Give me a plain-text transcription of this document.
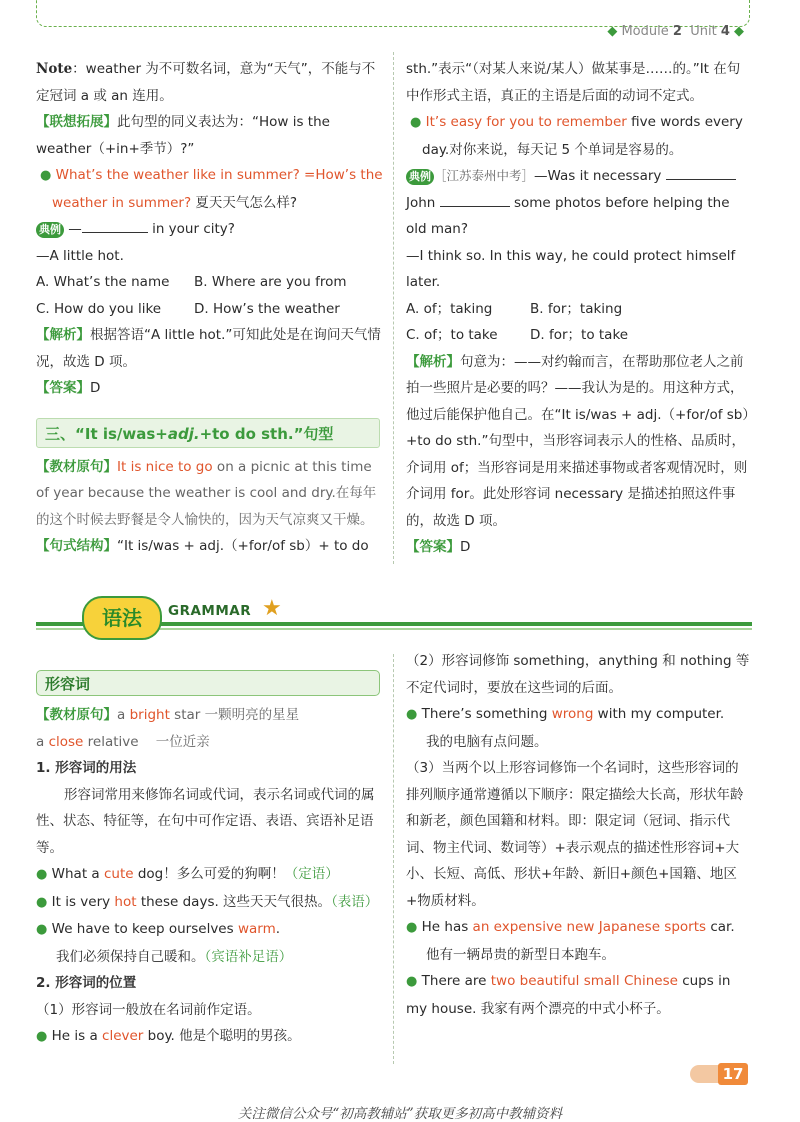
◆ Module 2 Unit 4 ◆

Note：weather 为不可数名词，意为“天气”，不能与不定冠词 a 或 an 连用。

【联想拓展】此句型的同义表达为：“How is the weather（+in+季节）?”

● What’s the weather like in summer? =How’s the weather in summer? 夏天天气怎么样?

典例 —	in your city?

—A little hot.

A. What’s the name B. Where are you from

C. How do you like D. How’s the weather

【解析】根据答语“A little hot.”可知此处是在询问天气情况，故选 D 项。

【答案】D

三、“It is/was+adj.+to do sth.”句型

【教材原句】It is nice to go on a picnic at this time of year because the weather is cool and dry.在每年的这个时候去野餐是令人愉快的，因为天气凉爽又干燥。

【句式结构】“It is/was + adj.（+for/of sb）+ to do

sth.”表示“（对某人来说/某人）做某事是……的。”It 在句中作形式主语，真正的主语是后面的动词不定式。

● It’s easy for you to remember five words every day.对你来说，每天记 5 个单词是容易的。

典例 ［江苏泰州中考］—Was it necessary  John	some photos before helping the old man?

—I think so. In this way, he could protect himself later.

A. of；taking	B. for；taking

C. of；to take D. for；to take

【解析】句意为：——对约翰而言，在帮助那位老人之前拍一些照片是必要的吗？——我认为是的。用这种方式，他过后能保护他自己。在“It is/was + adj.（+for/of sb）+to do sth.”句型中，当形容词表示人的性格、品质时，介词用 of；当形容词是用来描述事物或者客观情况时，则介词用 for。此处形容词 necessary 是描述拍照这件事的，故选 D 项。

【答案】D

语法	GRAMMAR ★
形容词

【教材原句】a bright star 一颗明亮的星星

a close relative    一位近亲

1. 形容词的用法

形容词常用来修饰名词或代词，表示名词或代词的属性、状态、特征等，在句中可作定语、表语、宾语补足语等。

● What a cute dog！多么可爱的狗啊！（定语）

● It is very hot these days. 这些天天气很热。（表语）

● We have to keep ourselves warm.

我们必须保持自己暖和。（宾语补足语）

2. 形容词的位置

（1）形容词一般放在名词前作定语。

● He is a clever boy. 他是个聪明的男孩。

（2）形容词修饰 something，anything 和 nothing 等不定代词时，要放在这些词的后面。

● There’s something wrong with my computer.

我的电脑有点问题。

（3）当两个以上形容词修饰一个名词时，这些形容词的排列顺序通常遵循以下顺序：限定描绘大长高，形状年龄和新老，颜色国籍和材料。即：限定词（冠词、指示代词、物主代词、数词等）+表示观点的描述性形容词+大小、长短、高低、形状+年龄、新旧+颜色+国籍、地区+物质材料。

● He has an expensive new Japanese sports car.

他有一辆昂贵的新型日本跑车。

● There are two beautiful small Chinese cups in my house. 我家有两个漂亮的中式小杯子。

17
关注微信公众号“初高教辅站”获取更多初高中教辅资料
